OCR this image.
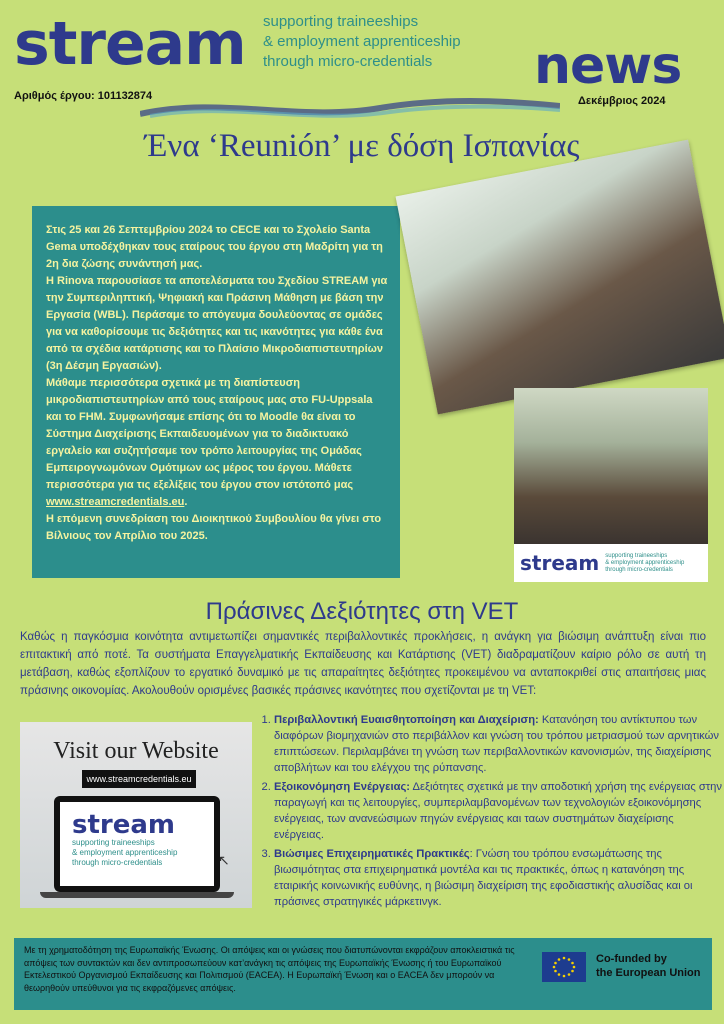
stream supporting traineeships
& employment apprenticeship
through micro-credentials	news
Αριθμός έργου: 101132874	Δεκέμβριος 2024
Ένα ‘Reunión’ με δόση Ισπανίας

Στις 25 και 26 Σεπτεμβρίου 2024 το CECE και το Σχολείο Santa Gema υποδέχθηκαν τους εταίρους του έργου στη Μαδρίτη για τη 2η δια ζώσης συνάντησή μας.

Η Rinova παρουσίασε τα αποτελέσματα του Σχεδίου STREAM για την Συμπεριληπτική, Ψηφιακή και Πράσινη Μάθηση με βάση την Εργασία (WBL). Περάσαμε το απόγευμα δουλεύοντας σε ομάδες για να καθορίσουμε τις δεξιότητες και τις ικανότητες για κάθε ένα από τα σχέδια κατάρτισης και το Πλαίσιο Μικροδιαπιστευτηρίων (3η Δέσμη Εργασιών).

Μάθαμε περισσότερα σχετικά με τη διαπίστευση μικροδιαπιστευτηρίων από τους εταίρους μας στο FU-Uppsala και το FHM. Συμφωνήσαμε επίσης ότι το Moodle θα είναι το Σύστημα Διαχείρισης Εκπαιδευομένων για το διαδικτυακό εργαλείο και συζητήσαμε τον τρόπο λειτουργίας της Ομάδας Εμπειρογνωμόνων Ομότιμων ως μέρος του έργου. Μάθετε περισσότερα για τις εξελίξεις του έργου στον ιστότοπό μας

www.streamcredentials.eu.

Η επόμενη συνεδρίαση του Διοικητικού Συμβουλίου θα γίνει στο Βίλνιους τον Απρίλιο του 2025.

stream supporting traineeships
& employment apprenticeship
through micro-credentials
Πράσινες Δεξιότητες στη VET
Καθώς η παγκόσμια κοινότητα αντιμετωπίζει σημαντικές περιβαλλοντικές προκλήσεις, η ανάγκη για βιώσιμη ανάπτυξη είναι πιο επιτακτική από ποτέ. Τα συστήματα Επαγγελματικής Εκπαίδευσης και Κατάρτισης (VET) διαδραματίζουν καίριο ρόλο σε αυτή τη μετάβαση, καθώς εξοπλίζουν το εργατικό δυναμικό με τις απαραίτητες δεξιότητες προκειμένου να ανταποκριθεί στις απαιτήσεις μιας πράσινης οικονομίας. Ακολουθούν ορισμένες βασικές πράσινες ικανότητες που σχετίζονται με τη VET:
Visit our Website
www.streamcredentials.eu
stream
supporting traineeships
& employment apprenticeship
through micro-credentials	↖
1. Περιβαλλοντική Ευαισθητοποίηση και Διαχείριση: Κατανόηση του αντίκτυπου των διαφόρων βιομηχανιών στο περιβάλλον και γνώση του τρόπου μετριασμού των αρνητικών επιπτώσεων. Περιλαμβάνει τη γνώση των περιβαλλοντικών κανονισμών, της διαχείρισης αποβλήτων και του ελέγχου της ρύπανσης.
2. Εξοικονόμηση Ενέργειας: Δεξιότητες σχετικά με την αποδοτική χρήση της ενέργειας στην παραγωγή και τις λειτουργίες, συμπεριλαμβανομένων των τεχνολογιών εξοικονόμησης ενέργειας, των ανανεώσιμων πηγών ενέργειας και ταων συστημάτων διαχείρισης ενέργειας.
3. Βιώσιμες Επιχειρηματικές Πρακτικές: Γνώση του τρόπου ενσωμάτωσης της βιωσιμότητας στα επιχειρηματικά μοντέλα και τις πρακτικές, όπως η κατανόηση της εταιρικής κοινωνικής ευθύνης, η βιώσιμη διαχείριση της εφοδιαστικής αλυσίδας και οι πράσινες στρατηγικές μάρκετινγκ.
Με τη χρηματοδότηση της Ευρωπαϊκής Ένωσης. Οι απόψεις και οι γνώσεις που διατυπώνονται εκφράζουν αποκλειστικά τις απόψεις των συντακτών και δεν αντιπροσωπεύουν κατ’ανάγκη τις απόψεις της Ευρωπαϊκής Ένωσης ή του Ευρωπαϊκού Εκτελεστικού Οργανισμού Εκπαίδευσης και Πολιτισμού (EACEA). Η Ευρωπαϊκή Ένωση και ο EACEA δεν μπορούν να θεωρηθούν υπεύθυνοι για τις εκφραζόμενες απόψεις.
Co-funded by
the European Union
